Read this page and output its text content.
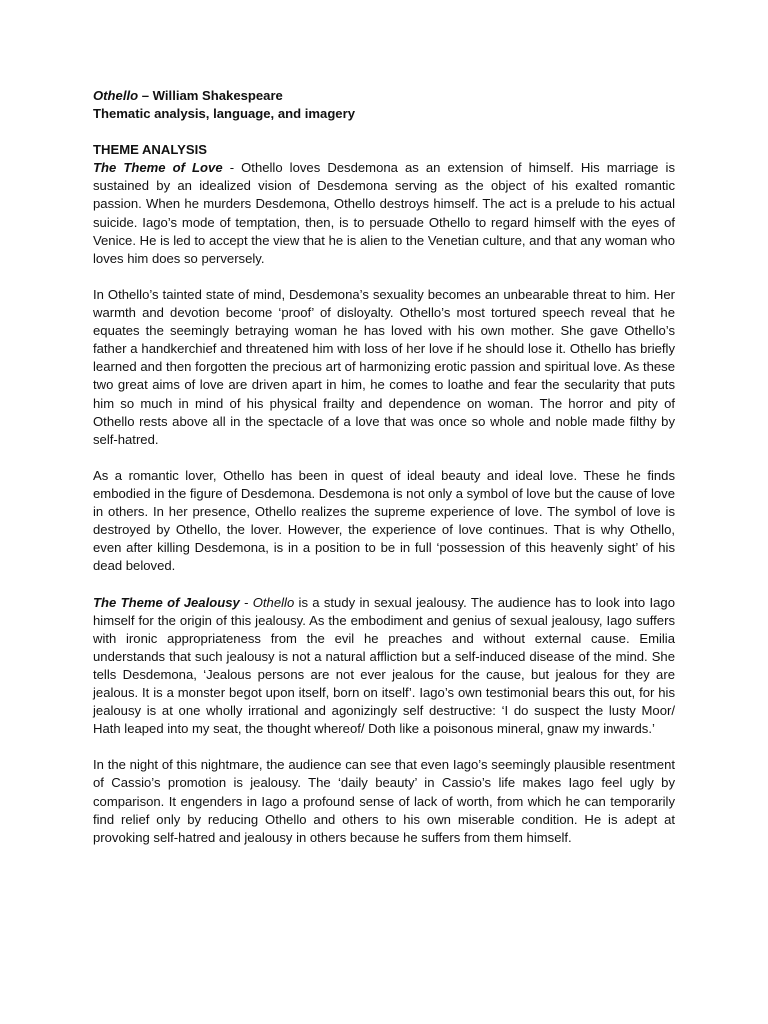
Othello – William Shakespeare
Thematic analysis, language, and imagery
THEME ANALYSIS

The Theme of Love - Othello loves Desdemona as an extension of himself. His marriage is sustained by an idealized vision of Desdemona serving as the object of his exalted romantic passion. When he murders Desdemona, Othello destroys himself. The act is a prelude to his actual suicide. Iago’s mode of temptation, then, is to persuade Othello to regard himself with the eyes of Venice. He is led to accept the view that he is alien to the Venetian culture, and that any woman who loves him does so perversely.

In Othello’s tainted state of mind, Desdemona’s sexuality becomes an unbearable threat to him. Her warmth and devotion become ‘proof’ of disloyalty. Othello’s most tortured speech reveal that he equates the seemingly betraying woman he has loved with his own mother. She gave Othello’s father a handkerchief and threatened him with loss of her love if he should lose it. Othello has briefly learned and then forgotten the precious art of harmonizing erotic passion and spiritual love. As these two great aims of love are driven apart in him, he comes to loathe and fear the secularity that puts him so much in mind of his physical frailty and dependence on woman. The horror and pity of Othello rests above all in the spectacle of a love that was once so whole and noble made filthy by self-hatred.

As a romantic lover, Othello has been in quest of ideal beauty and ideal love. These he finds embodied in the figure of Desdemona. Desdemona is not only a symbol of love but the cause of love in others. In her presence, Othello realizes the supreme experience of love. The symbol of love is destroyed by Othello, the lover. However, the experience of love continues. That is why Othello, even after killing Desdemona, is in a position to be in full ‘possession of this heavenly sight’ of his dead beloved.

The Theme of Jealousy - Othello is a study in sexual jealousy. The audience has to look into Iago himself for the origin of this jealousy. As the embodiment and genius of sexual jealousy, Iago suffers with ironic appropriateness from the evil he preaches and without external cause. Emilia understands that such jealousy is not a natural affliction but a self-induced disease of the mind. She tells Desdemona, ‘Jealous persons are not ever jealous for the cause, but jealous for they are jealous. It is a monster begot upon itself, born on itself’. Iago’s own testimonial bears this out, for his jealousy is at one wholly irrational and agonizingly self destructive: ‘I do suspect the lusty Moor/ Hath leaped into my seat, the thought whereof/ Doth like a poisonous mineral, gnaw my inwards.’

In the night of this nightmare, the audience can see that even Iago’s seemingly plausible resentment of Cassio’s promotion is jealousy. The ‘daily beauty’ in Cassio’s life makes Iago feel ugly by comparison. It engenders in Iago a profound sense of lack of worth, from which he can temporarily find relief only by reducing Othello and others to his own miserable condition. He is adept at provoking self-hatred and jealousy in others because he suffers from them himself.
